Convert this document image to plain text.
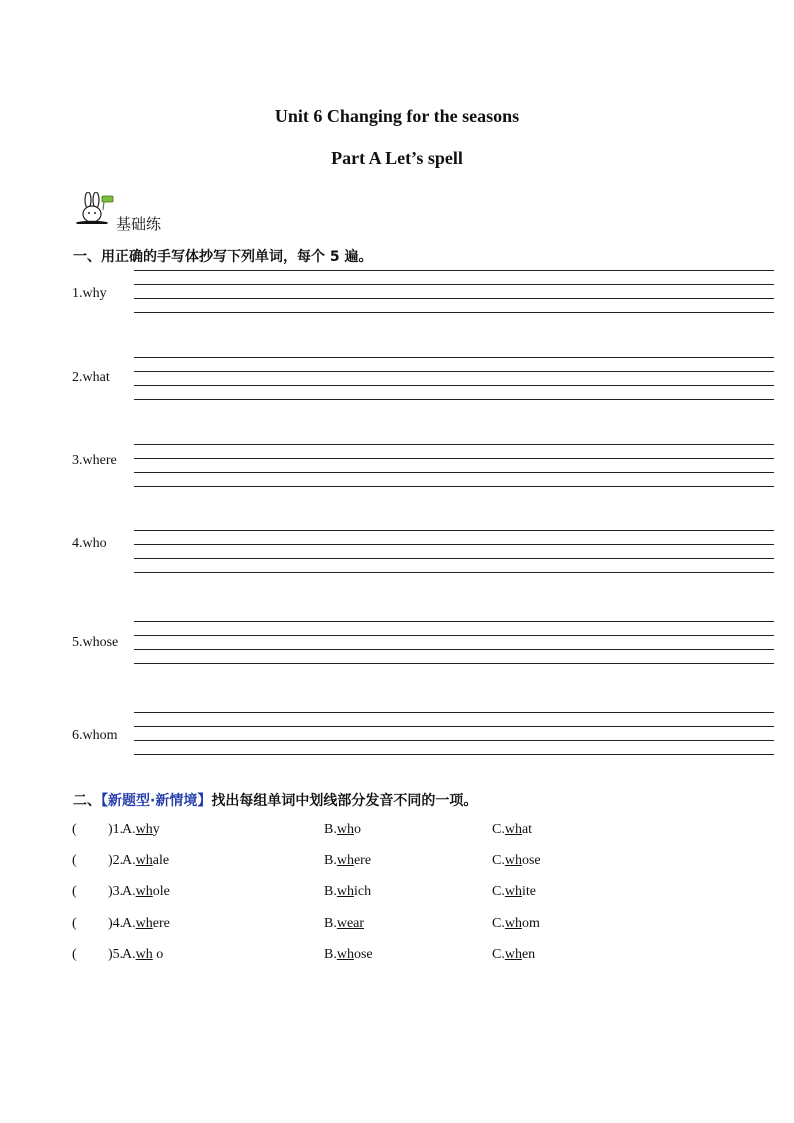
Unit 6 Changing for the seasons
Part A Let’s spell
基础练
一、用正确的手写体抄写下列单词，每个 5 遍。
1.why
2.what
3.where
4.who
5.whose
6.whom
二、【新题型·新情境】找出每组单词中划线部分发音不同的一项。
( )1.
A.why	B.who	C.what
( )2.
A.whale	B.where	C.whose
( )3.
A.whole	B.which	C.white
( )4.
A.where	B.wear	C.whom
( )5.
A.wh o	B.whose	C.when
